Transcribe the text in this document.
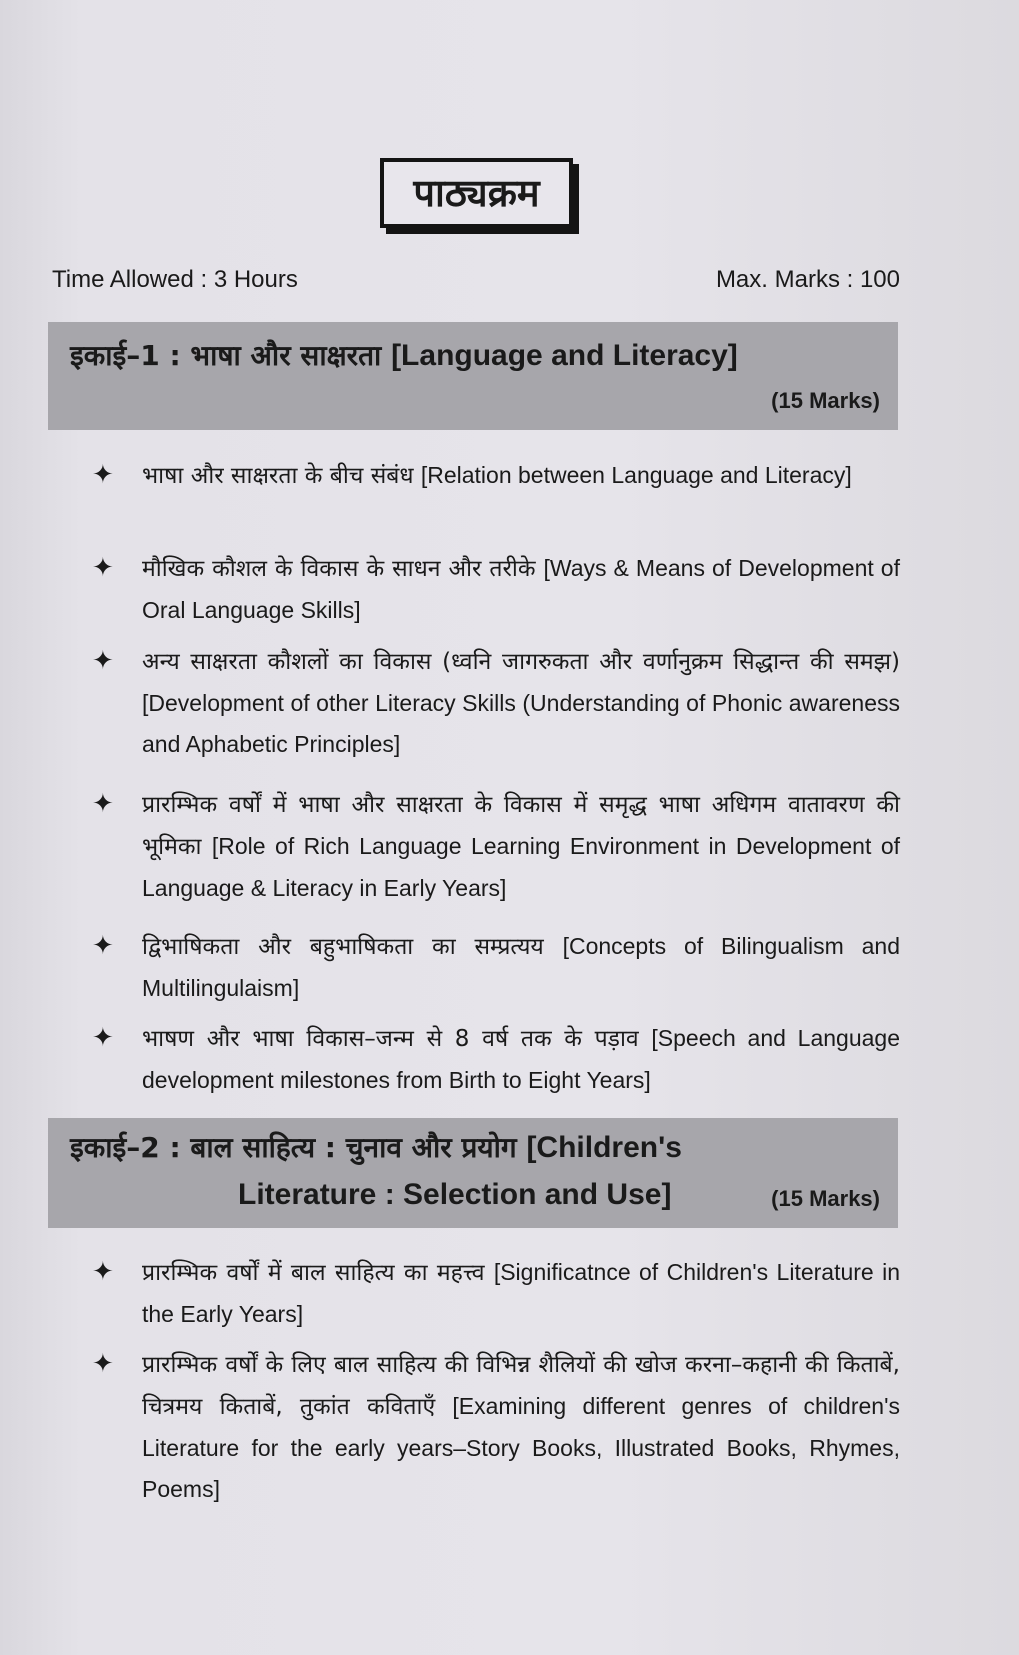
पाठ्यक्रम
Time Allowed : 3 Hours	Max. Marks : 100
इकाई–1 : भाषा और साक्षरता [Language and Literacy]
(15 Marks)
✦ भाषा और साक्षरता के बीच संबंध [Relation between Language and Literacy]
✦ मौखिक कौशल के विकास के साधन और तरीके [Ways & Means of Development of Oral Language Skills]
✦ अन्य साक्षरता कौशलों का विकास (ध्वनि जागरुकता और वर्णानुक्रम सिद्धान्त की समझ) [Development of other Literacy Skills (Understanding of Phonic awareness and Aphabetic Principles]
✦ प्रारम्भिक वर्षों में भाषा और साक्षरता के विकास में समृद्ध भाषा अधिगम वातावरण की भूमिका [Role of Rich Language Learning Environment in Development of Language & Literacy in Early Years]
✦ द्विभाषिकता और बहुभाषिकता का सम्प्रत्यय [Concepts of Bilingualism and Multilingulaism]
✦ भाषण और भाषा विकास–जन्म से 8 वर्ष तक के पड़ाव [Speech and Language development milestones from Birth to Eight Years]
इकाई–2 : बाल साहित्य : चुनाव और प्रयोग [Children's
Literature : Selection and Use]	(15 Marks)
✦ प्रारम्भिक वर्षों में बाल साहित्य का महत्त्व [Significatnce of Children's Literature in the Early Years]
✦ प्रारम्भिक वर्षों के लिए बाल साहित्य की विभिन्न शैलियों की खोज करना–कहानी की किताबें, चित्रमय किताबें, तुकांत कविताएँ [Examining different genres of children's Literature for the early years–Story Books, Illustrated Books, Rhymes, Poems]
